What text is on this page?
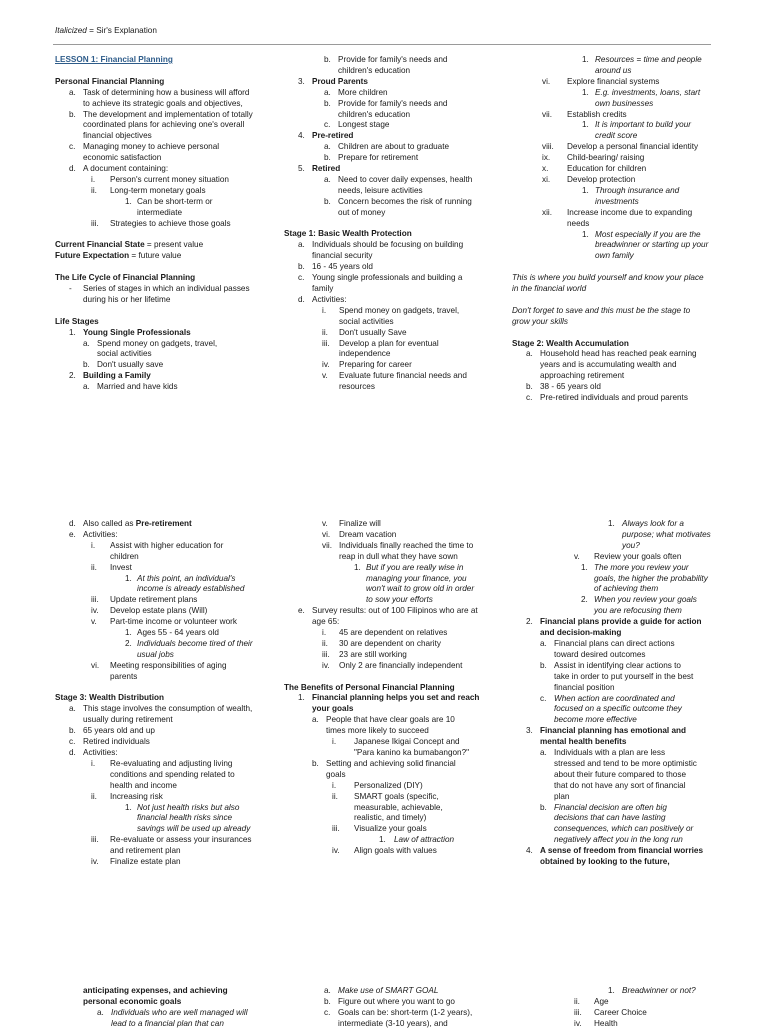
Italicized = Sir's Explanation
LESSON 1: Financial Planning
Personal Financial Planning
a. Task of determining how a business will afford
to achieve its strategic goals and objectives,
b. The development and implementation of totally
coordinated plans for achieving one's overall
financial objectives
c. Managing money to achieve personal
economic satisfaction
d. A document containing:
i. Person's current money situation
ii. Long-term monetary goals
1. Can be short-term or
intermediate
iii. Strategies to achieve those goals
Current Financial State = present value
Future Expectation = future value
The Life Cycle of Financial Planning
- Series of stages in which an individual passes
during his or her lifetime
Life Stages
1. Young Single Professionals
a. Spend money on gadgets, travel,
social activities
b. Don't usually save
2. Building a Family
a. Married and have kids
b. Provide for family's needs and
children's education
3. Proud Parents
a. More children
b. Provide for family's needs and
children's education
c. Longest stage
4. Pre-retired
a. Children are about to graduate
b. Prepare for retirement
5. Retired
a. Need to cover daily expenses, health
needs, leisure activities
b. Concern becomes the risk of running
out of money
Stage 1: Basic Wealth Protection
a. Individuals should be focusing on building
financial security
b. 16 - 45 years old
c. Young single professionals and building a
family
d. Activities:
i. Spend money on gadgets, travel,
social activities
ii. Don't usually Save
iii. Develop a plan for eventual
independence
iv. Preparing for career
v. Evaluate future financial needs and
resources
1. Resources = time and people
around us
vi. Explore financial systems
1. E.g. investments, loans, start
own businesses
vii. Establish credits
1. It is important to build your
credit score
viii. Develop a personal financial identity
ix. Child-bearing/ raising
x. Education for children
xi. Develop protection
1. Through insurance and
investments
xii. Increase income due to expanding
needs
1. Most especially if you are the
breadwinner or starting up your
own family
This is where you build yourself and know your place
in the financial world
Don't forget to save and this must be the stage to
grow your skills
Stage 2: Wealth Accumulation
a. Household head has reached peak earning
years and is accumulating wealth and
approaching retirement
b. 38 - 65 years old
c. Pre-retired individuals and proud parents
d. Also called as Pre-retirement
e. Activities:
i. Assist with higher education for
children
ii. Invest
1. At this point, an individual's
income is already established
iii. Update retirement plans
iv. Develop estate plans (Will)
v. Part-time income or volunteer work
1. Ages 55 - 64 years old
2. Individuals become tired of their
usual jobs
vi. Meeting responsibilities of aging
parents
Stage 3: Wealth Distribution
a. This stage involves the consumption of wealth,
usually during retirement
b. 65 years old and up
c. Retired individuals
d. Activities:
i. Re-evaluating and adjusting living
conditions and spending related to
health and income
ii. Increasing risk
1. Not just health risks but also
financial health risks since
savings will be used up already
iii. Re-evaluate or assess your insurances
and retirement plan
iv. Finalize estate plan
v. Finalize will
vi. Dream vacation
vii. Individuals finally reached the time to
reap in dull what they have sown
1. But if you are really wise in
managing your finance, you
won't wait to grow old in order
to sow your efforts
e. Survey results: out of 100 Filipinos who are at
age 65:
i. 45 are dependent on relatives
ii. 30 are dependent on charity
iii. 23 are still working
iv. Only 2 are financially independent
The Benefits of Personal Financial Planning
1. Financial planning helps you set and reach
your goals
a. People that have clear goals are 10
times more likely to succeed
i. Japanese Ikigai Concept and
"Para kanino ka bumabangon?"
b. Setting and achieving solid financial
goals
i. Personalized (DIY)
ii. SMART goals (specific,
measurable, achievable,
realistic, and timely)
iii. Visualize your goals
1. Law of attraction
iv. Align goals with values
1. Always look for a
purpose; what motivates
you?
v. Review your goals often
1. The more you review your
goals, the higher the probability
of achieving them
2. When you review your goals
you are refocusing them
2. Financial plans provide a guide for action
and decision-making
a. Financial plans can direct actions
toward desired outcomes
b. Assist in identifying clear actions to
take in order to put yourself in the best
financial position
c. When action are coordinated and
focused on a specific outcome they
become more effective
3. Financial planning has emotional and
mental health benefits
a. Individuals with a plan are less
stressed and tend to be more optimistic
about their future compared to those
that do not have any sort of financial
plan
b. Financial decision are often big
decisions that can have lasting
consequences, which can positively or
negatively affect you in the long run
4. A sense of freedom from financial worries
obtained by looking to the future,
anticipating expenses, and achieving
personal economic goals
a. Individuals who are well managed will
lead to a financial plan that can
a. Make use of SMART GOAL
b. Figure out where you want to go
c. Goals can be: short-term (1-2 years),
intermediate (3-10 years), and
1. Breadwinner or not?
ii. Age
iii. Career Choice
iv. Health
